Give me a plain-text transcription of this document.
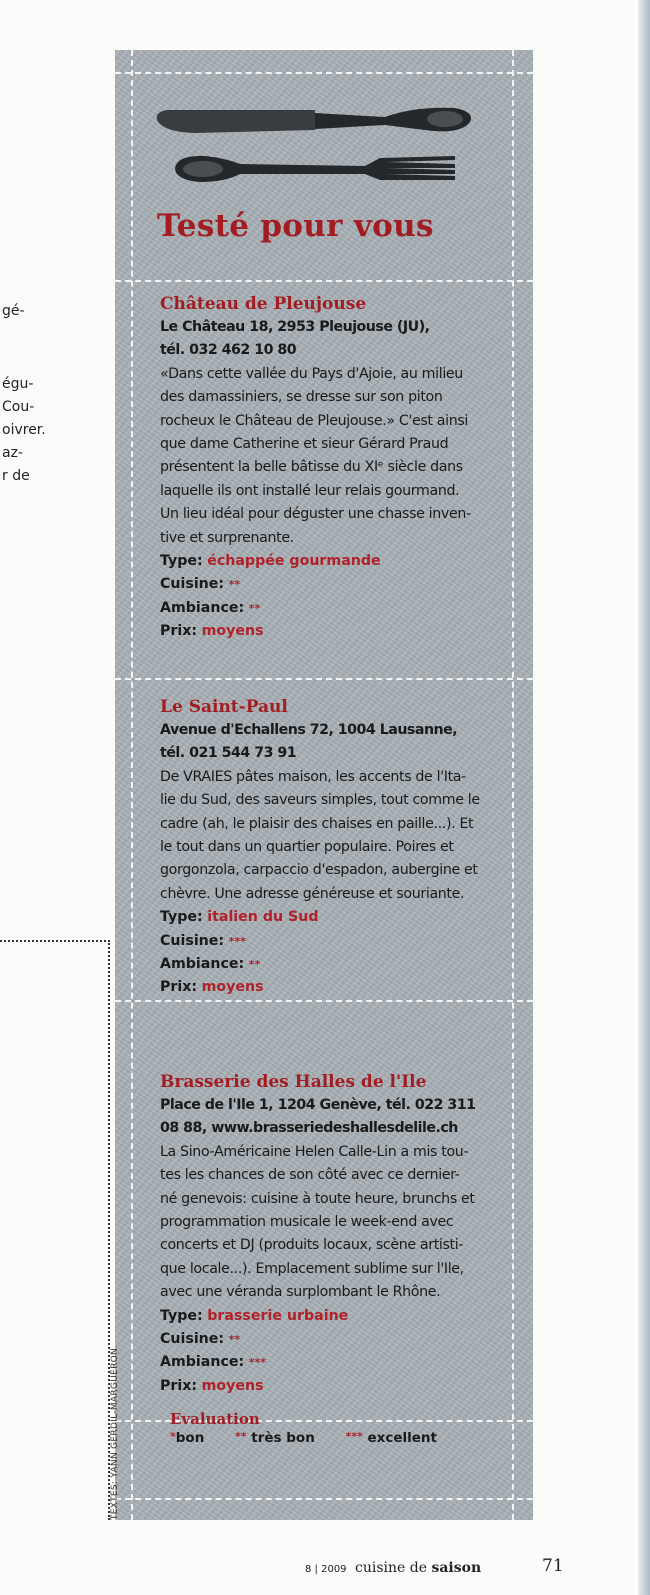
gé-
égu-
Cou-
oivrer.
az-
r de
Testé pour vous
Château de Pleujouse
Le Château 18, 2953 Pleujouse (JU),
tél. 032 462 10 80
«Dans cette vallée du Pays d'Ajoie, au milieu
des damassiniers, se dresse sur son piton
rocheux le Château de Pleujouse.» C'est ainsi
que dame Catherine et sieur Gérard Praud
présentent la belle bâtisse du XIᵉ siècle dans
laquelle ils ont installé leur relais gourmand.
Un lieu idéal pour déguster une chasse inven-
tive et surprenante.
Type: échappée gourmande
Cuisine: **
Ambiance: **
Prix: moyens
Le Saint-Paul
Avenue d'Echallens 72, 1004 Lausanne,
tél. 021 544 73 91
De VRAIES pâtes maison, les accents de l'Ita-
lie du Sud, des saveurs simples, tout comme le
cadre (ah, le plaisir des chaises en paille...). Et
le tout dans un quartier populaire. Poires et
gorgonzola, carpaccio d'espadon, aubergine et
chèvre. Une adresse généreuse et souriante.
Type: italien du Sud
Cuisine: ***
Ambiance: **
Prix: moyens
Brasserie des Halles de l'Ile
Place de l'Ile 1, 1204 Genève, tél. 022 311
08 88, www.brasseriedeshallesdelile.ch
La Sino-Américaine Helen Calle-Lin a mis tou-
tes les chances de son côté avec ce dernier-
né genevois: cuisine à toute heure, brunchs et
programmation musicale le week-end avec
concerts et DJ (produits locaux, scène artisti-
que locale...). Emplacement sublime sur l'Ile,
avec une véranda surplombant le Rhône.
Type: brasserie urbaine
Cuisine: **
Ambiance: ***
Prix: moyens
Evaluation
*bon	** très bon	*** excellent
TEXTES: YANN GERDIL-MARGUERON
8 | 2009 cuisine de saison	71
